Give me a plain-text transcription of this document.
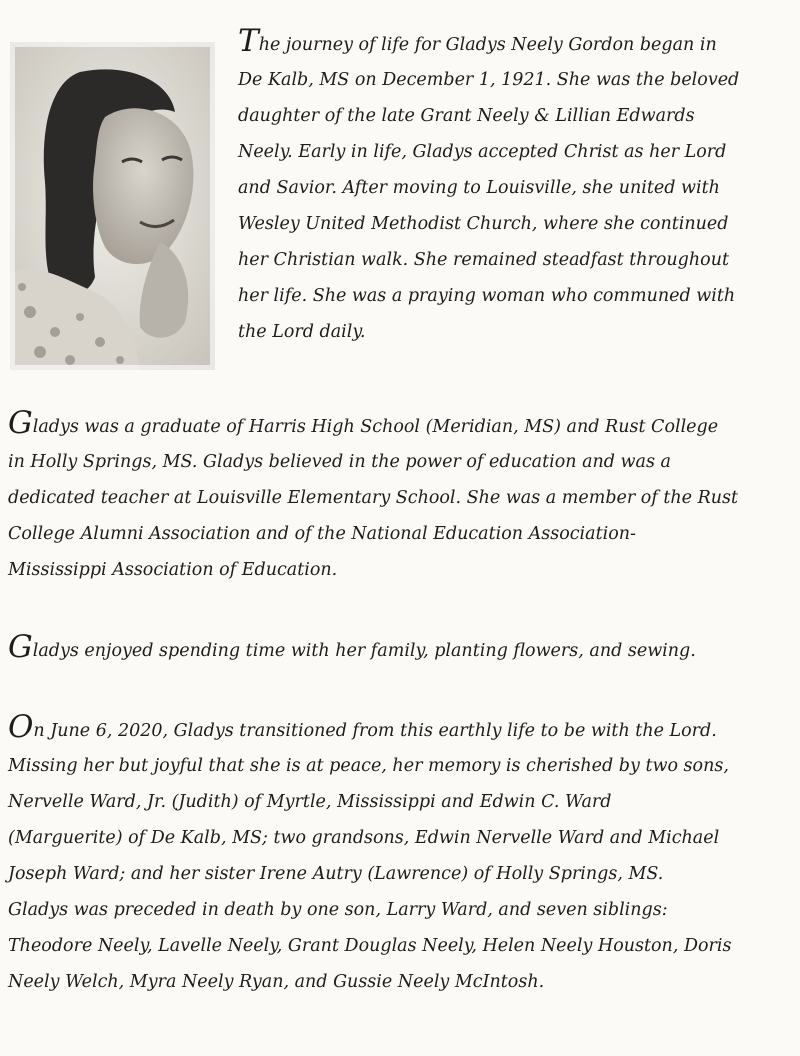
The journey of life for Gladys Neely Gordon began in
De Kalb, MS on December 1, 1921. She was the beloved
daughter of the late Grant Neely & Lillian Edwards
Neely. Early in life, Gladys accepted Christ as her Lord
and Savior. After moving to Louisville, she united with
Wesley United Methodist Church, where she continued
her Christian walk. She remained steadfast throughout
her life. She was a praying woman who communed with
the Lord daily.
Gladys was a graduate of Harris High School (Meridian, MS) and Rust College
in Holly Springs, MS. Gladys believed in the power of education and was a
dedicated teacher at Louisville Elementary School. She was a member of the Rust
College Alumni Association and of the National Education Association-
Mississippi Association of Education.
Gladys enjoyed spending time with her family, planting flowers, and sewing.
On June 6, 2020, Gladys transitioned from this earthly life to be with the Lord.
Missing her but joyful that she is at peace, her memory is cherished by two sons,
Nervelle Ward, Jr. (Judith) of Myrtle, Mississippi and Edwin C. Ward
(Marguerite) of De Kalb, MS; two grandsons, Edwin Nervelle Ward and Michael
Joseph Ward; and her sister Irene Autry (Lawrence) of Holly Springs, MS.
Gladys was preceded in death by one son, Larry Ward, and seven siblings:
Theodore Neely, Lavelle Neely, Grant Douglas Neely, Helen Neely Houston, Doris
Neely Welch, Myra Neely Ryan, and Gussie Neely McIntosh.
